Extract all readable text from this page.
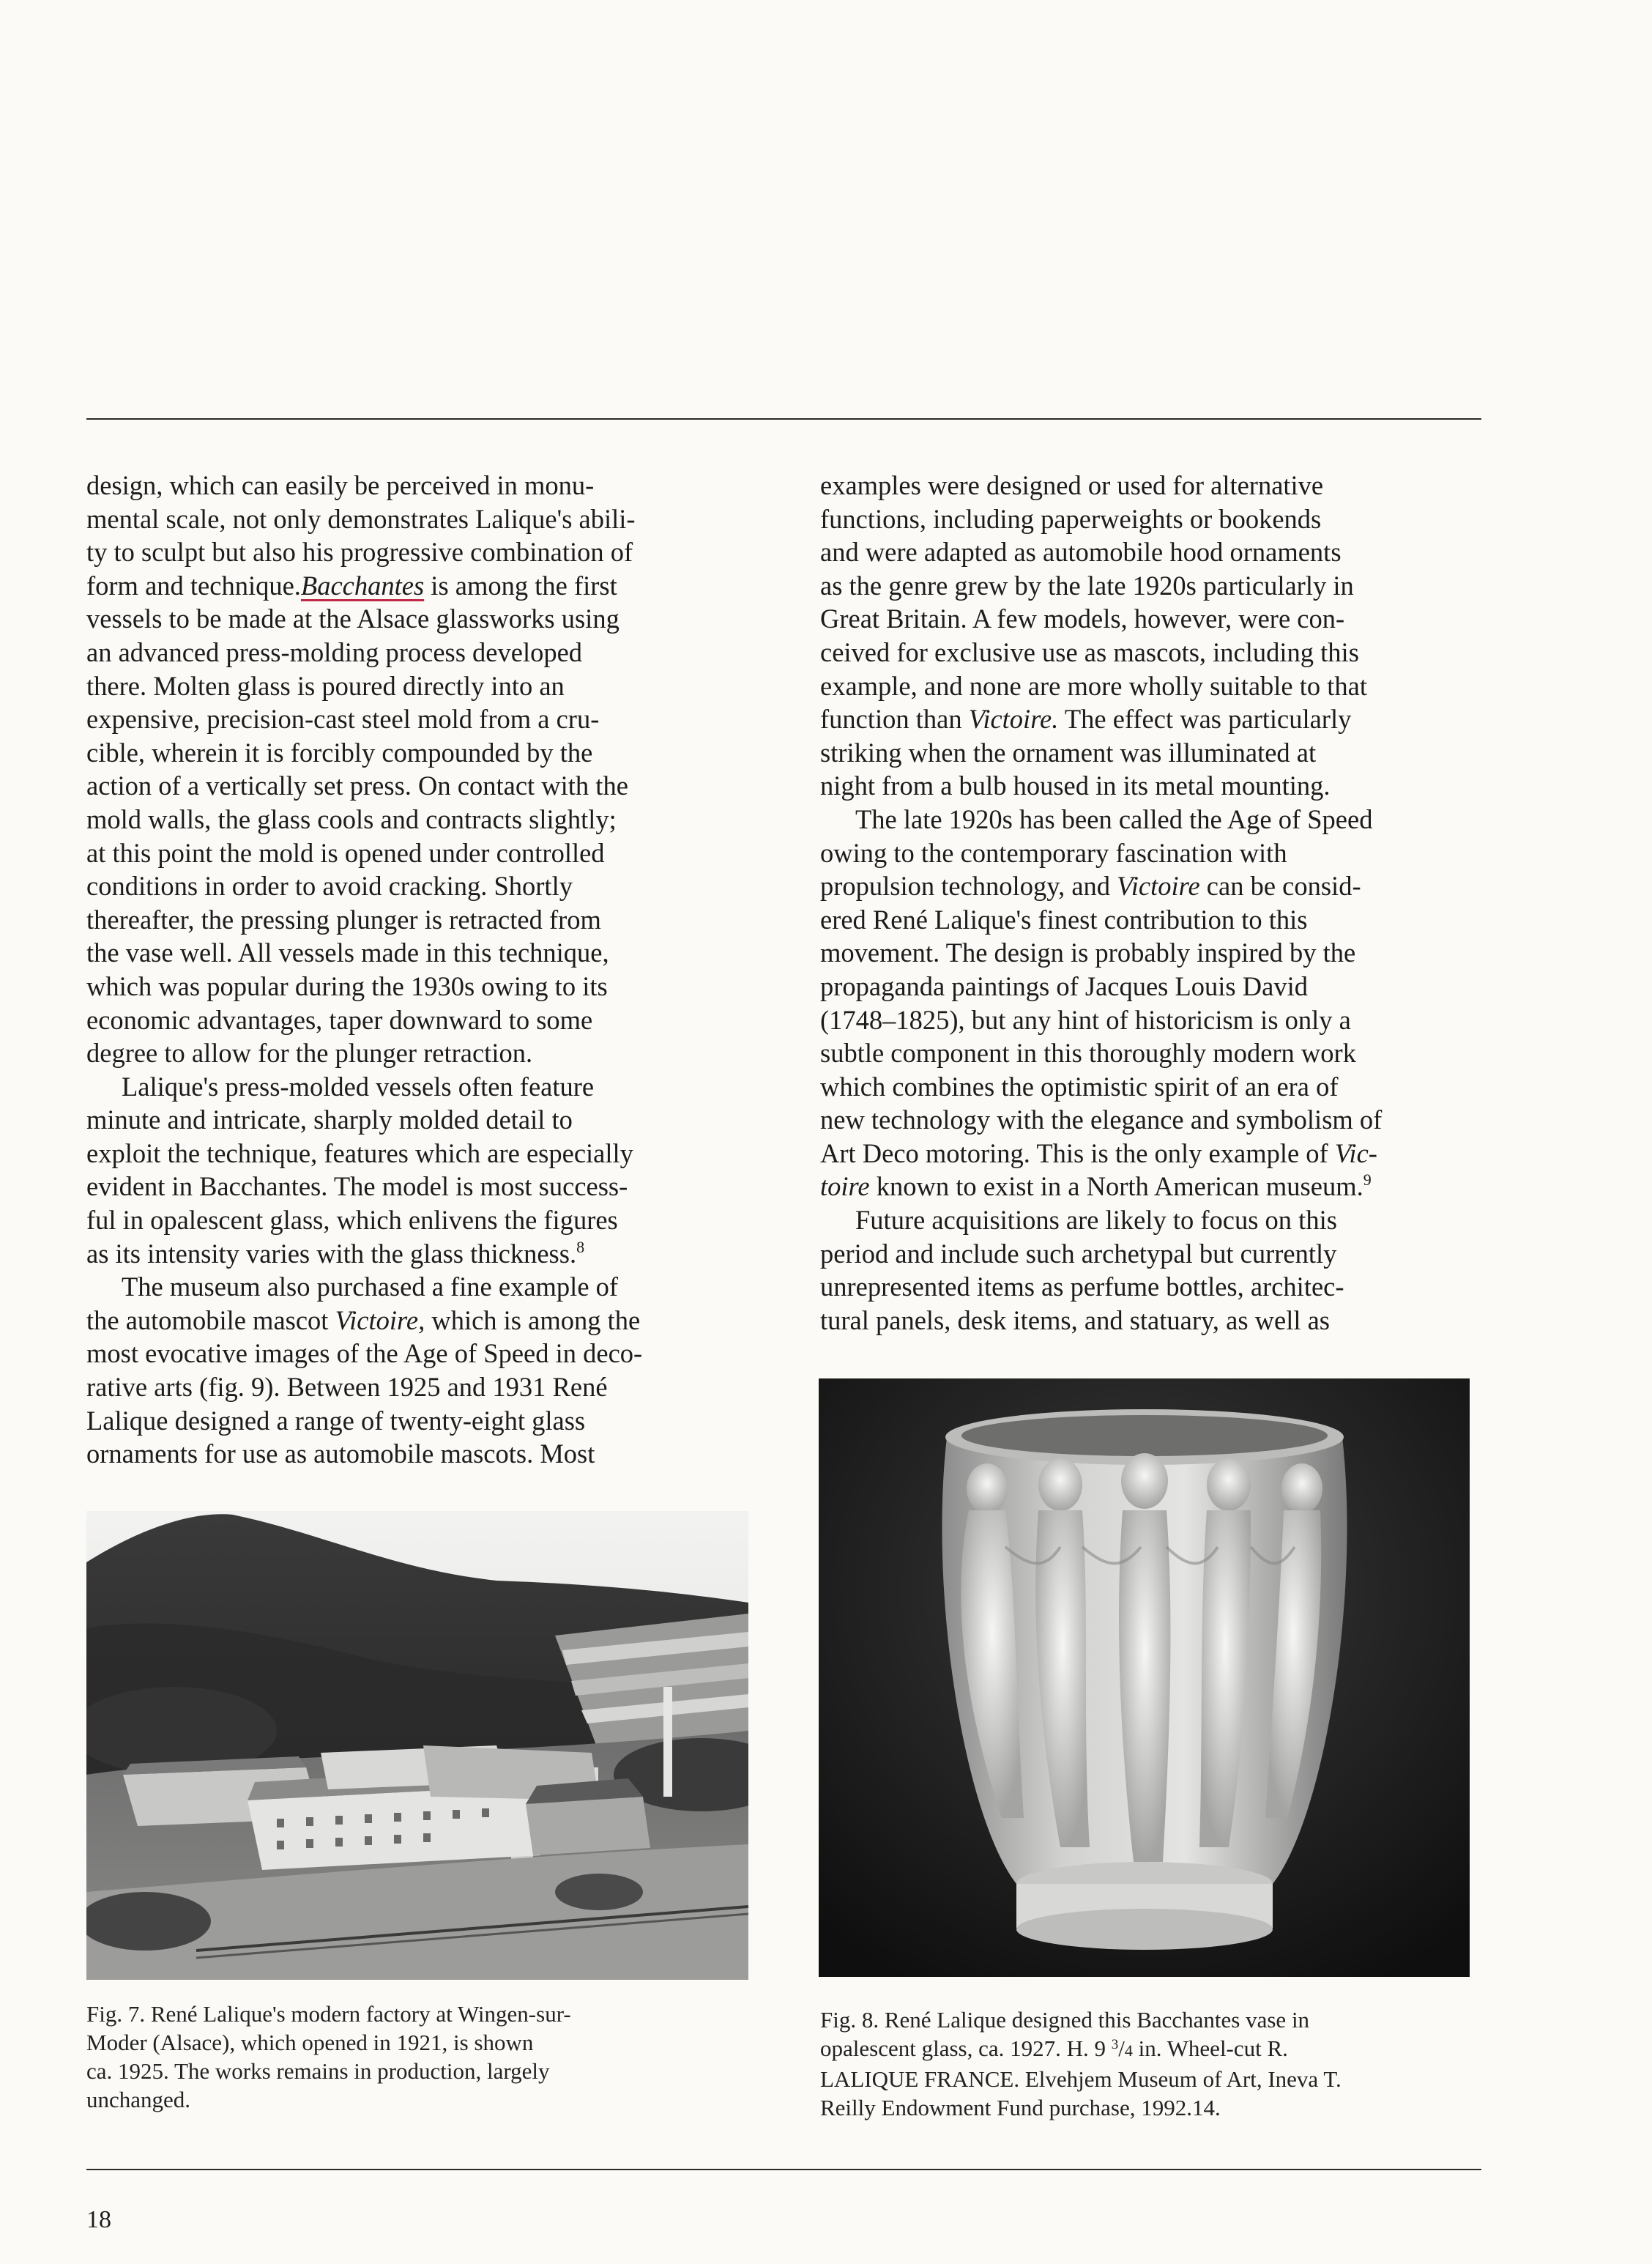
design, which can easily be perceived in monu-
mental scale, not only demonstrates Lalique's abili-
ty to sculpt but also his progressive combination of
form and technique.Bacchantes is among the first
vessels to be made at the Alsace glassworks using
an advanced press-molding process developed
there. Molten glass is poured directly into an
expensive, precision-cast steel mold from a cru-
cible, wherein it is forcibly compounded by the
action of a vertically set press. On contact with the
mold walls, the glass cools and contracts slightly;
at this point the mold is opened under controlled
conditions in order to avoid cracking. Shortly
thereafter, the pressing plunger is retracted from
the vase well. All vessels made in this technique,
which was popular during the 1930s owing to its
economic advantages, taper downward to some
degree to allow for the plunger retraction.

Lalique's press-molded vessels often feature
minute and intricate, sharply molded detail to
exploit the technique, features which are especially
evident in Bacchantes. The model is most success-
ful in opalescent glass, which enlivens the figures
as its intensity varies with the glass thickness.$^8$

The museum also purchased a fine example of
the automobile mascot Victoire, which is among the
most evocative images of the Age of Speed in deco-
rative arts (fig. 9). Between 1925 and 1931 René
Lalique designed a range of twenty-eight glass
ornaments for use as automobile mascots. Most

examples were designed or used for alternative
functions, including paperweights or bookends
and were adapted as automobile hood ornaments
as the genre grew by the late 1920s particularly in
Great Britain. A few models, however, were con-
ceived for exclusive use as mascots, including this
example, and none are more wholly suitable to that
function than Victoire. The effect was particularly
striking when the ornament was illuminated at
night from a bulb housed in its metal mounting.

The late 1920s has been called the Age of Speed
owing to the contemporary fascination with
propulsion technology, and Victoire can be consid-
ered René Lalique's finest contribution to this
movement. The design is probably inspired by the
propaganda paintings of Jacques Louis David
(1748–1825), but any hint of historicism is only a
subtle component in this thoroughly modern work
which combines the optimistic spirit of an era of
new technology with the elegance and symbolism of
Art Deco motoring. This is the only example of Vic-
toire known to exist in a North American museum.$^9$

Future acquisitions are likely to focus on this
period and include such archetypal but currently
unrepresented items as perfume bottles, architec-
tural panels, desk items, and statuary, as well as

Fig. 7. René Lalique's modern factory at Wingen-sur-
Moder (Alsace), which opened in 1921, is shown
ca. 1925. The works remains in production, largely
unchanged.
Fig. 8. René Lalique designed this Bacchantes vase in
opalescent glass, ca. 1927. H. 9 $^3$/4 in. Wheel-cut R.
LALIQUE FRANCE. Elvehjem Museum of Art, Ineva T.
Reilly Endowment Fund purchase, 1992.14.
18
